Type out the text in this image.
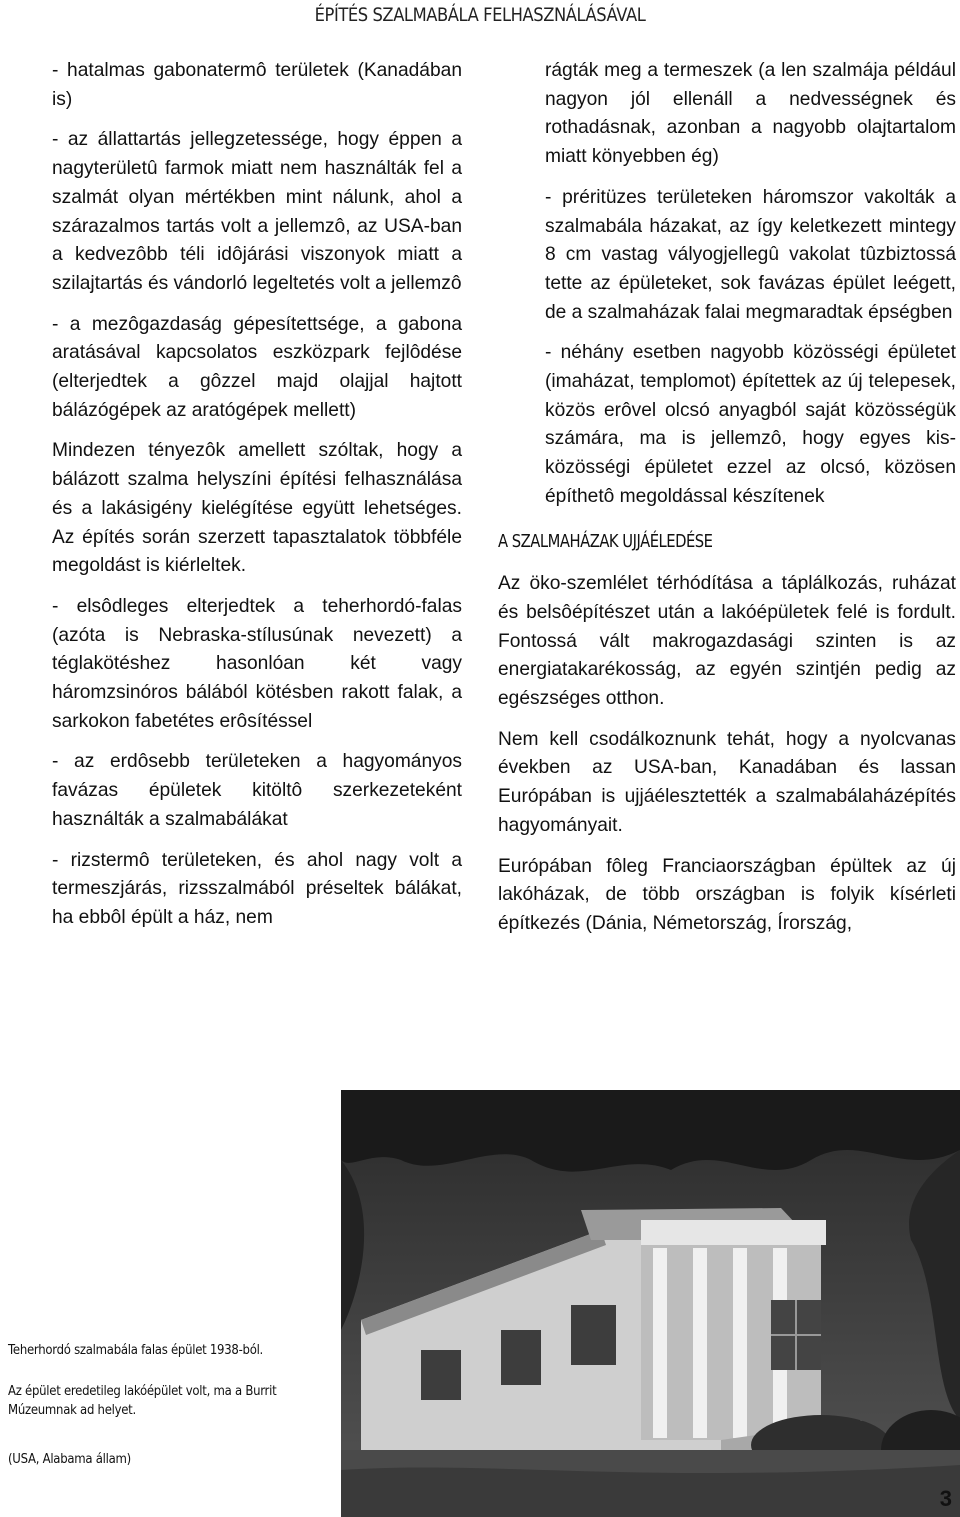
ÉPÍTÉS SZALMABÁLA FELHASZNÁLÁSÁVAL

- hatalmas gabonatermô területek (Kanadában is)

- az állattartás jellegzetessége, hogy éppen a nagyterületû farmok miatt nem használták fel a szalmát olyan mértékben mint nálunk, ahol a szárazalmos tartás volt a jellemzô, az USA-ban a kedvezôbb téli idôjárási viszonyok miatt a szilajtartás és vándorló legeltetés volt a jellemzô

- a mezôgazdaság gépesítettsége, a gabona aratásával kapcsolatos eszközpark fejlôdése (elterjedtek a gôzzel majd olajjal hajtott bálázógépek az aratógépek mellett)

Mindezen tényezôk amellett szóltak, hogy a bálázott szalma helyszíni építési felhasználása és a lakásigény kielégítése együtt lehetséges. Az építés során szerzett tapasztalatok többféle megoldást is kiérleltek.

- elsôdleges elterjedtek a teherhordó-falas (azóta is Nebraska-stílusúnak nevezett) a téglakötéshez hasonlóan két vagy háromzsinóros bálából kötésben rakott falak, a sarkokon fabetétes erôsítéssel

- az erdôsebb területeken a hagyományos favázas épületek kitöltô szerkezeteként használták a szalmabálákat

- rizstermô területeken, és ahol nagy volt a termeszjárás, rizsszalmából préseltek bálákat, ha ebbôl épült a ház, nem

rágták meg a termeszek (a len szalmája például nagyon jól ellenáll a nedvességnek és rothadásnak, azonban a nagyobb olajtartalom miatt könyebben ég)

- préritüzes területeken háromszor vakolták a szalmabála házakat, az így keletkezett mintegy 8 cm vastag vályogjellegû vakolat tûzbiztossá tette az épületeket, sok favázas épület leégett, de a szalmaházak falai megmaradtak épségben

- néhány esetben nagyobb közösségi épületet (imaházat, templomot) építettek az új telepesek, közös erôvel olcsó anyagból saját közösségük számára, ma is jellemzô, hogy egyes kis-közösségi épületet ezzel az olcsó, közösen építhetô megoldással készítenek

A SZALMAHÁZAK UJJÁÉLEDÉSE

Az öko-szemlélet térhódítása a táplálkozás, ruházat és belsôépítészet után a lakóépületek felé is fordult. Fontossá vált makrogazdasági szinten is az energiatakarékosság, az egyén szintjén pedig az egészséges otthon.

Nem kell csodálkoznunk tehát, hogy a nyolcvanas években az USA-ban, Kanadában és lassan Európában is ujjáélesztették a szalmabálaházépítés hagyományait.

Európában fôleg Franciaországban épültek az új lakóházak, de több országban is folyik kísérleti építkezés (Dánia, Németország, Írország,

Teherhordó szalmabála falas épület 1938-ból.
Az épület eredetileg lakóépület volt, ma a Burrit Múzeumnak ad helyet.
(USA, Alabama állam)
3
